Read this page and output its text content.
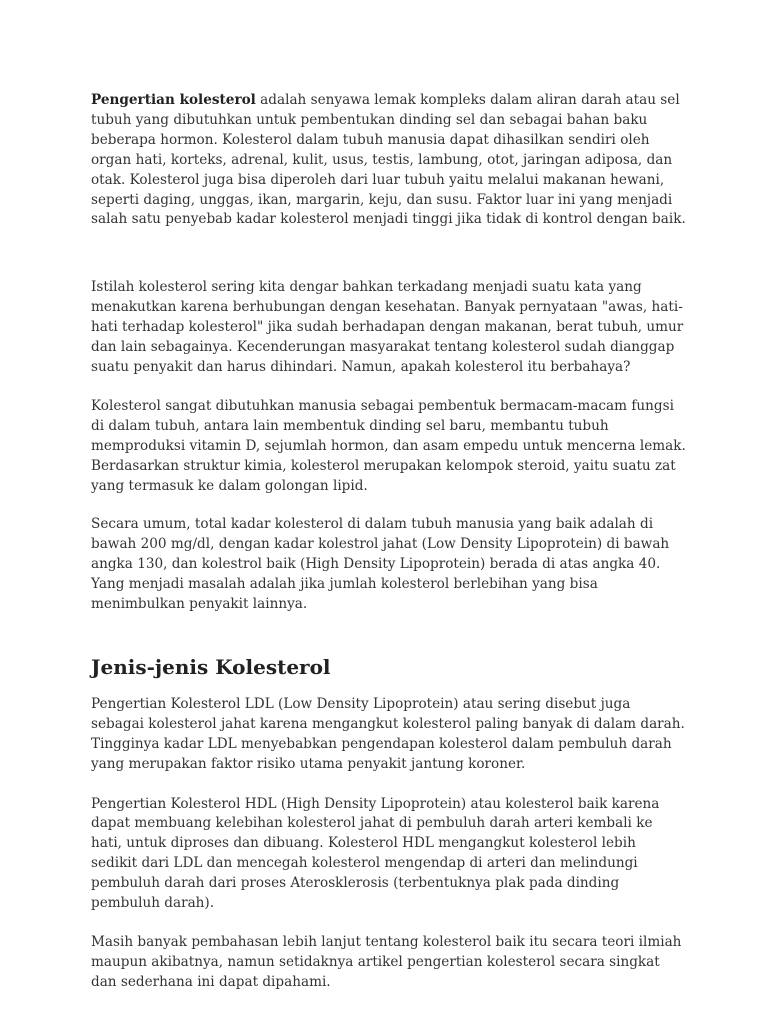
Pengertian kolesterol adalah senyawa lemak kompleks dalam aliran darah atau sel tubuh yang dibutuhkan untuk pembentukan dinding sel dan sebagai bahan baku beberapa hormon. Kolesterol dalam tubuh manusia dapat dihasilkan sendiri oleh organ hati, korteks, adrenal, kulit, usus, testis, lambung, otot, jaringan adiposa, dan otak. Kolesterol juga bisa diperoleh dari luar tubuh yaitu melalui makanan hewani, seperti daging, unggas, ikan, margarin, keju, dan susu. Faktor luar ini yang menjadi salah satu penyebab kadar kolesterol menjadi tinggi jika tidak di kontrol dengan baik.

Istilah kolesterol sering kita dengar bahkan terkadang menjadi suatu kata yang menakutkan karena berhubungan dengan kesehatan. Banyak pernyataan "awas, hati-hati terhadap kolesterol" jika sudah berhadapan dengan makanan, berat tubuh, umur dan lain sebagainya. Kecenderungan masyarakat tentang kolesterol sudah dianggap suatu penyakit dan harus dihindari. Namun, apakah kolesterol itu berbahaya?

Kolesterol sangat dibutuhkan manusia sebagai pembentuk bermacam-macam fungsi di dalam tubuh, antara lain membentuk dinding sel baru, membantu tubuh memproduksi vitamin D, sejumlah hormon, dan asam empedu untuk mencerna lemak. Berdasarkan struktur kimia, kolesterol merupakan kelompok steroid, yaitu suatu zat yang termasuk ke dalam golongan lipid.

Secara umum, total kadar kolesterol di dalam tubuh manusia yang baik adalah di bawah 200 mg/dl, dengan kadar kolestrol jahat (Low Density Lipoprotein) di bawah angka 130, dan kolestrol baik (High Density Lipoprotein) berada di atas angka 40. Yang menjadi masalah adalah jika jumlah kolesterol berlebihan yang bisa menimbulkan penyakit lainnya.

Jenis-jenis Kolesterol

Pengertian Kolesterol LDL (Low Density Lipoprotein) atau sering disebut juga sebagai kolesterol jahat karena mengangkut kolesterol paling banyak di dalam darah. Tingginya kadar LDL menyebabkan pengendapan kolesterol dalam pembuluh darah yang merupakan faktor risiko utama penyakit jantung koroner.

Pengertian Kolesterol HDL (High Density Lipoprotein) atau kolesterol baik karena dapat membuang kelebihan kolesterol jahat di pembuluh darah arteri kembali ke hati, untuk diproses dan dibuang. Kolesterol HDL mengangkut kolesterol lebih sedikit dari LDL dan mencegah kolesterol mengendap di arteri dan melindungi pembuluh darah dari proses Aterosklerosis (terbentuknya plak pada dinding pembuluh darah).

Masih banyak pembahasan lebih lanjut tentang kolesterol baik itu secara teori ilmiah maupun akibatnya, namun setidaknya artikel pengertian kolesterol secara singkat dan sederhana ini dapat dipahami.
